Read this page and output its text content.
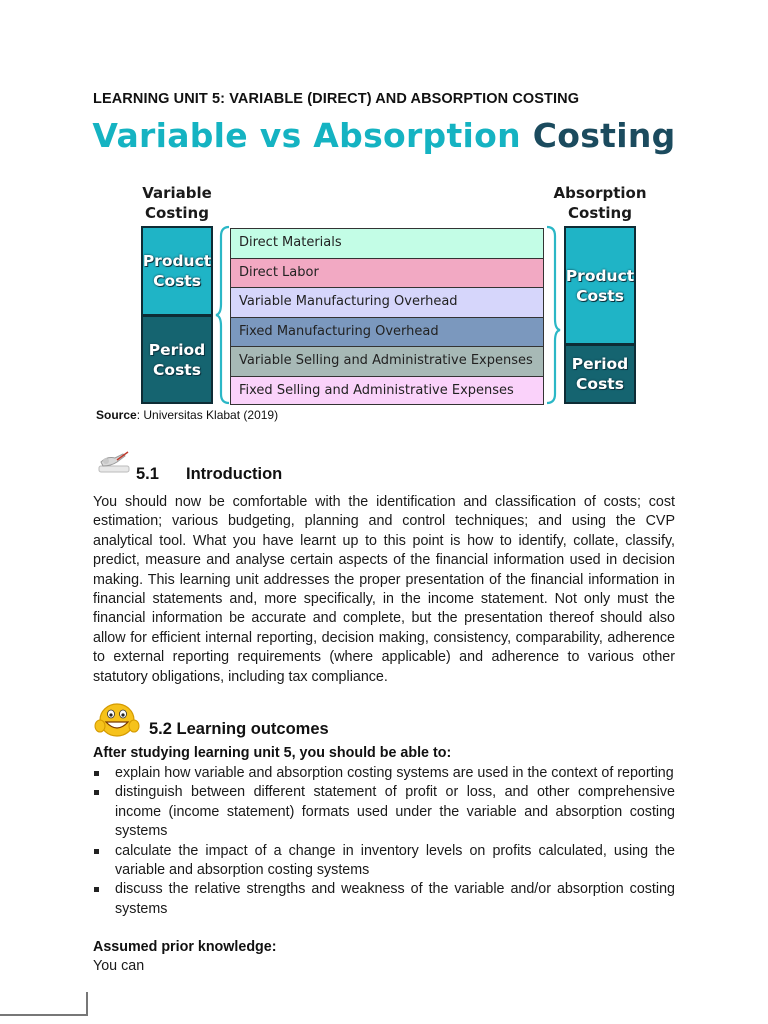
LEARNING UNIT 5: VARIABLE (DIRECT) AND ABSORPTION COSTING
Variable vs Absorption Costing
Variable
Costing
Absorption
Costing
Product
Costs
Period
Costs
Product
Costs
Period
Costs
Direct Materials
Direct Labor
Variable Manufacturing Overhead
Fixed Manufacturing Overhead
Variable Selling and Administrative Expenses
Fixed Selling and Administrative Expenses
Source: Universitas Klabat (2019)
5.1 Introduction
You should now be comfortable with the identification and classification of costs; cost estimation; various budgeting, planning and control techniques; and using the CVP analytical tool. What you have learnt up to this point is how to identify, collate, classify, predict, measure and analyse certain aspects of the financial information used in decision making. This learning unit addresses the proper presentation of the financial information in financial statements and, more specifically, in the income statement. Not only must the financial information be accurate and complete, but the presentation thereof should also allow for efficient internal reporting, decision making, consistency, comparability, adherence to external reporting requirements (where applicable) and adherence to various other statutory obligations, including tax compliance.
5.2 Learning outcomes
After studying learning unit 5, you should be able to:
explain how variable and absorption costing systems are used in the context of reporting
distinguish between different statement of profit or loss, and other comprehensive income (income statement) formats used under the variable and absorption costing systems
calculate the impact of a change in inventory levels on profits calculated, using the variable and absorption costing systems
discuss the relative strengths and weakness of the variable and/or absorption costing systems
Assumed prior knowledge:
You can
